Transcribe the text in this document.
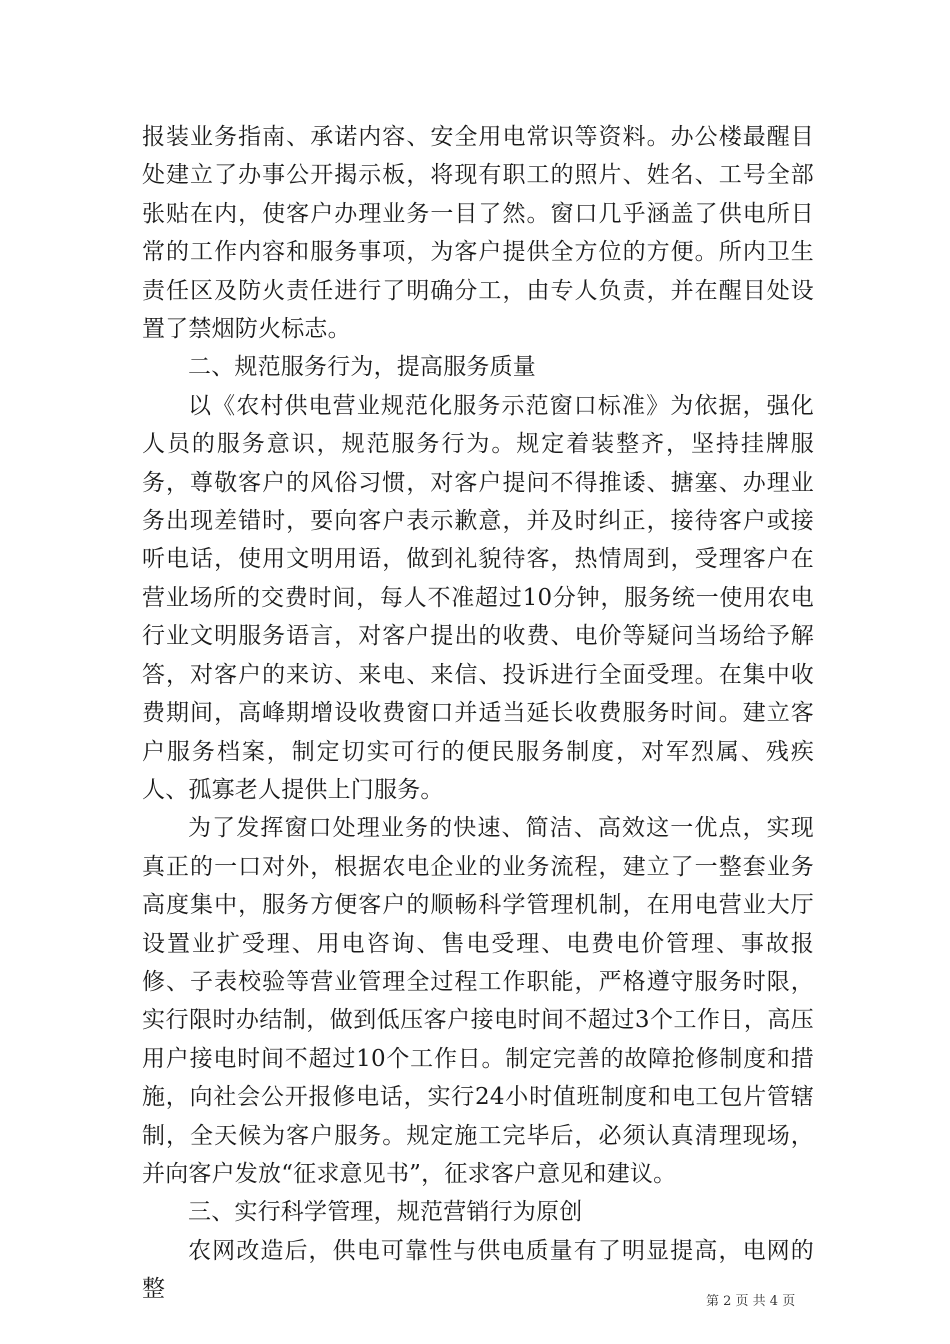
报装业务指南、承诺内容、安全用电常识等资料。办公楼最醒目处建立了办事公开揭示板，将现有职工的照片、姓名、工号全部张贴在内，使客户办理业务一目了然。窗口几乎涵盖了供电所日常的工作内容和服务事项，为客户提供全方位的方便。所内卫生责任区及防火责任进行了明确分工，由专人负责，并在醒目处设置了禁烟防火标志。

二、规范服务行为，提高服务质量

以《农村供电营业规范化服务示范窗口标准》为依据，强化人员的服务意识，规范服务行为。规定着装整齐，坚持挂牌服务，尊敬客户的风俗习惯，对客户提问不得推诿、搪塞、办理业务出现差错时，要向客户表示歉意，并及时纠正，接待客户或接听电话，使用文明用语，做到礼貌待客，热情周到，受理客户在营业场所的交费时间，每人不准超过10分钟，服务统一使用农电行业文明服务语言，对客户提出的收费、电价等疑问当场给予解答，对客户的来访、来电、来信、投诉进行全面受理。在集中收费期间，高峰期增设收费窗口并适当延长收费服务时间。建立客户服务档案，制定切实可行的便民服务制度，对军烈属、残疾人、孤寡老人提供上门服务。

为了发挥窗口处理业务的快速、简洁、高效这一优点，实现真正的一口对外，根据农电企业的业务流程，建立了一整套业务高度集中，服务方便客户的顺畅科学管理机制，在用电营业大厅设置业扩受理、用电咨询、售电受理、电费电价管理、事故报修、子表校验等营业管理全过程工作职能，严格遵守服务时限，实行限时办结制，做到低压客户接电时间不超过3个工作日，高压用户接电时间不超过10个工作日。制定完善的故障抢修制度和措施，向社会公开报修电话，实行24小时值班制度和电工包片管辖制，全天候为客户服务。规定施工完毕后，必须认真清理现场，并向客户发放“征求意见书”，征求客户意见和建议。

三、实行科学管理，规范营销行为原创

农网改造后，供电可靠性与供电质量有了明显提高，电网的整	第 2 页 共 4 页
